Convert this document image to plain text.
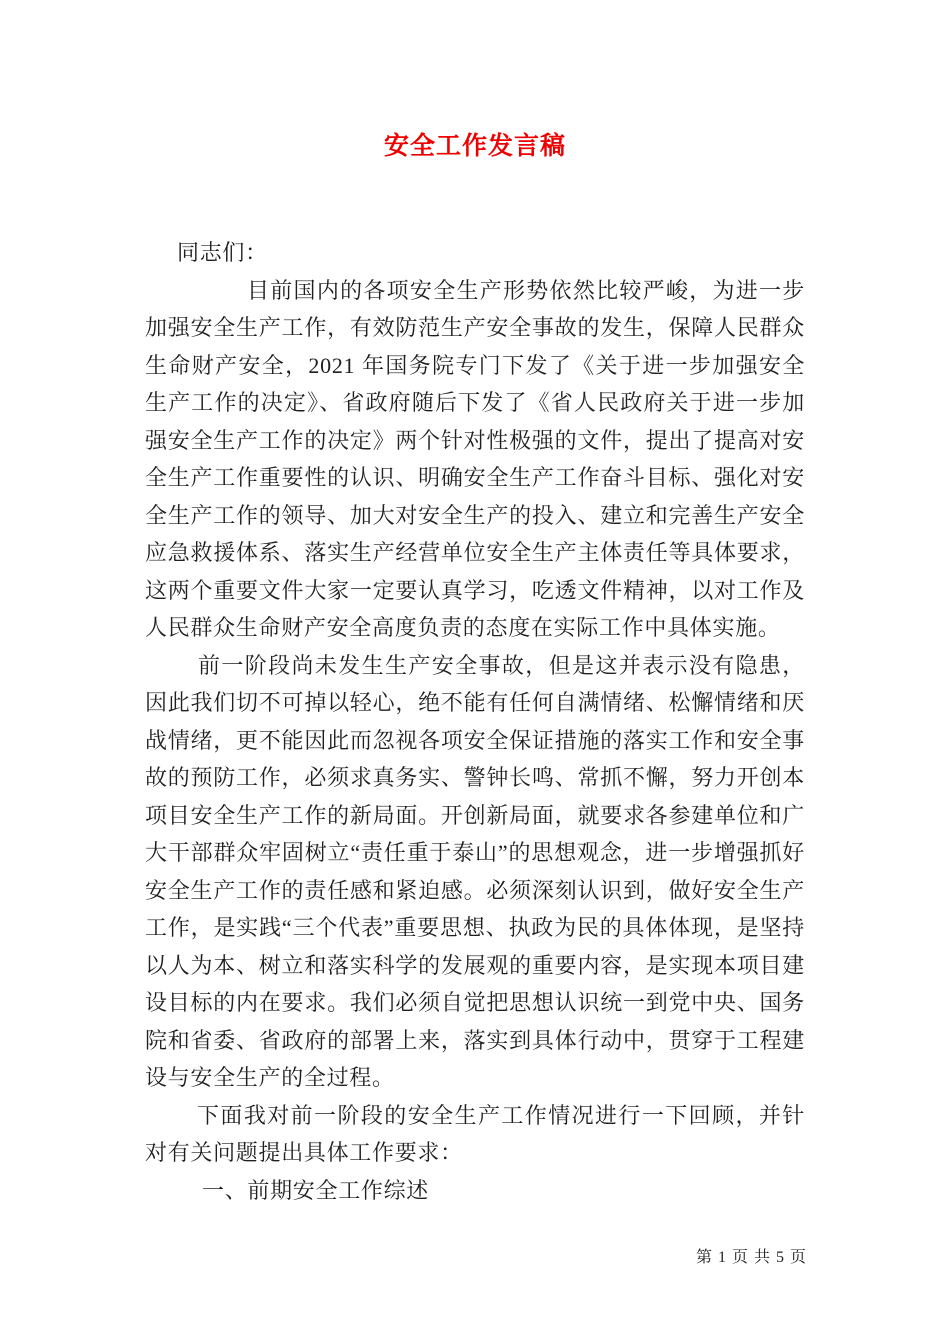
安全工作发言稿

同志们：

目前国内的各项安全生产形势依然比较严峻，为进一步加强安全生产工作，有效防范生产安全事故的发生，保障人民群众生命财产安全，2021 年国务院专门下发了《关于进一步加强安全生产工作的决定》、省政府随后下发了《省人民政府关于进一步加强安全生产工作的决定》两个针对性极强的文件，提出了提高对安全生产工作重要性的认识、明确安全生产工作奋斗目标、强化对安全生产工作的领导、加大对安全生产的投入、建立和完善生产安全应急救援体系、落实生产经营单位安全生产主体责任等具体要求，这两个重要文件大家一定要认真学习，吃透文件精神，以对工作及人民群众生命财产安全高度负责的态度在实际工作中具体实施。

前一阶段尚未发生生产安全事故，但是这并表示没有隐患，因此我们切不可掉以轻心，绝不能有任何自满情绪、松懈情绪和厌战情绪，更不能因此而忽视各项安全保证措施的落实工作和安全事故的预防工作，必须求真务实、警钟长鸣、常抓不懈，努力开创本项目安全生产工作的新局面。开创新局面，就要求各参建单位和广大干部群众牢固树立“责任重于泰山”的思想观念，进一步增强抓好安全生产工作的责任感和紧迫感。必须深刻认识到，做好安全生产工作，是实践“三个代表”重要思想、执政为民的具体体现，是坚持以人为本、树立和落实科学的发展观的重要内容，是实现本项目建设目标的内在要求。我们必须自觉把思想认识统一到党中央、国务院和省委、省政府的部署上来，落实到具体行动中，贯穿于工程建设与安全生产的全过程。

下面我对前一阶段的安全生产工作情况进行一下回顾，并针对有关问题提出具体工作要求：

一、前期安全工作综述

第 1 页 共 5 页
